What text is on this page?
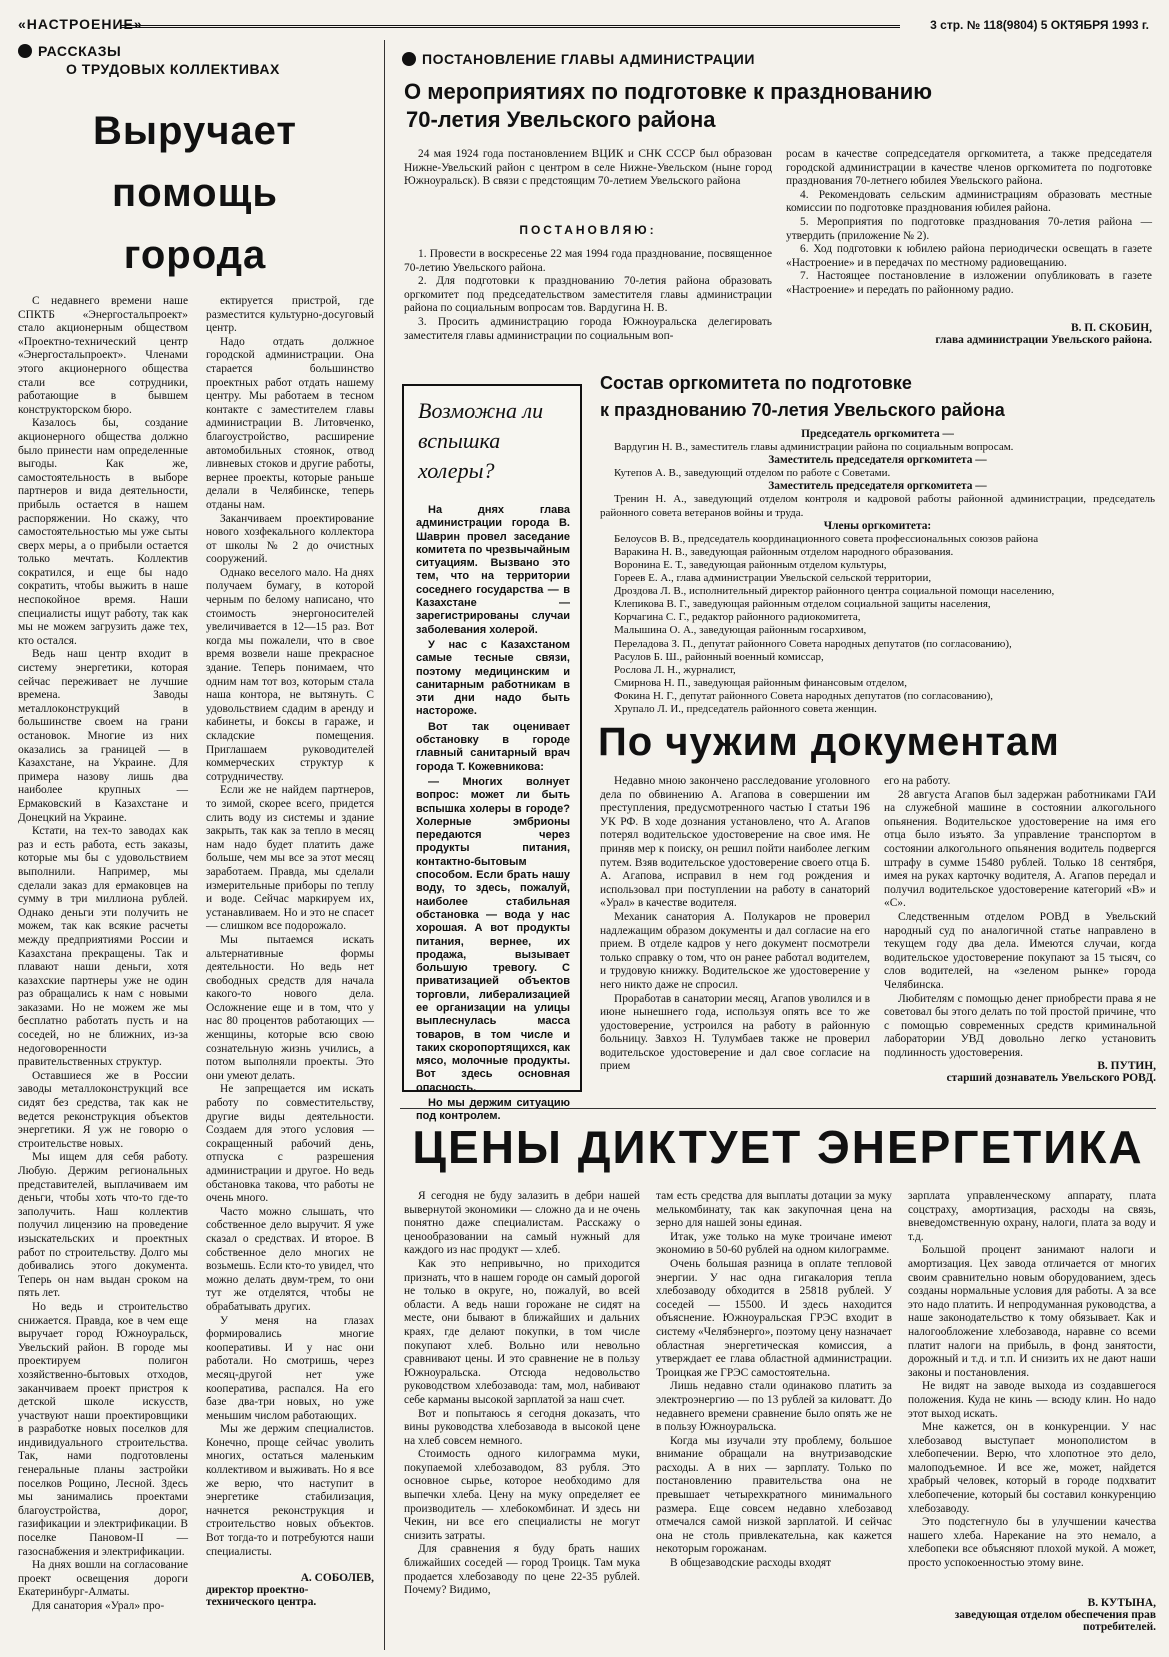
«НАСТРОЕНИЕ»	3 стр. № 118(9804) 5 ОКТЯБРЯ 1993 г.
РАССКАЗЫ
О ТРУДОВЫХ КОЛЛЕКТИВАХ
Выручает
помощь
города

С недавнего времени наше СПКТБ «Энергостальпроект» стало акционерным обществом «Проектно-технический центр «Энергостальпроект». Членами этого акционерного общества стали все сотрудники, работающие в бывшем конструкторском бюро.

Казалось бы, создание акционерного общества должно было принести нам определенные выгоды. Как же, самостоятельность в выборе партнеров и вида деятельности, прибыль остается в нашем распоряжении. Но скажу, что самостоятельностью мы уже сыты сверх меры, а о прибыли остается только мечтать. Коллектив сократился, и еще бы надо сократить, чтобы выжить в наше неспокойное время. Наши специалисты ищут работу, так как мы не можем загрузить даже тех, кто остался.

Ведь наш центр входит в систему энергетики, которая сейчас переживает не лучшие времена. Заводы металлоконструкций в большинстве своем на грани остановок. Многие из них оказались за границей — в Казахстане, на Украине. Для примера назову лишь два наиболее крупных — Ермаковский в Казахстане и Донецкий на Украине.

Кстати, на тех-то заводах как раз и есть работа, есть заказы, которые мы бы с удовольствием выполнили. Например, мы сделали заказ для ермаковцев на сумму в три миллиона рублей. Однако деньги эти получить не можем, так как всякие расчеты между предприятиями России и Казахстана прекращены. Так и плавают наши деньги, хотя казахские партнеры уже не один раз обращались к нам с новыми заказами. Но не можем же мы бесплатно работать пусть и на соседей, но не ближних, из-за недоговоренности правительственных структур.

Оставшиеся же в России заводы металлоконструкций все сидят без средства, так как не ведется реконструкция объектов энергетики. Я уж не говорю о строительстве новых.

Мы ищем для себя работу. Любую. Держим региональных представителей, выплачиваем им деньги, чтобы хоть что-то где-то заполучить. Наш коллектив получил лицензию на проведение изыскательских и проектных работ по строительству. Долго мы добивались этого документа. Теперь он нам выдан сроком на пять лет.

Но ведь и строительство снижается. Правда, кое в чем еще выручает город Южноуральск, Увельский район. В городе мы проектируем полигон хозяйственно-бытовых отходов, заканчиваем проект пристроя к детской школе искусств, участвуют наши проектировщики в разработке новых поселков для индивидуального строительства. Так, нами подготовлены генеральные планы застройки поселков Рощино, Лесной. Здесь мы занимались проектами благоустройства, дорог, газификации и электрификации. В поселке Пановом-II — газоснабжения и электрификации.

На днях вошли на согласование проект освещения дороги Екатеринбург-Алматы.

Для санатория «Урал» про-

ектируется пристрой, где разместится культурно-досуговый центр.

Надо отдать должное городской администрации. Она старается большинство проектных работ отдать нашему центру. Мы работаем в тесном контакте с заместителем главы администрации В. Литовченко, благоустройство, расширение автомобильных стоянок, отвод ливневых стоков и другие работы, вернее проекты, которые раньше делали в Челябинске, теперь отданы нам.

Заканчиваем проектирование нового хозфекального коллектора от школы № 2 до очистных сооружений.

Однако веселого мало. На днях получаем бумагу, в которой черным по белому написано, что стоимость энергоносителей увеличивается в 12—15 раз. Вот когда мы пожалели, что в свое время возвели наше прекрасное здание. Теперь понимаем, что одним нам тот воз, которым стала наша контора, не вытянуть. С удовольствием сдадим в аренду и кабинеты, и боксы в гараже, и складские помещения. Приглашаем руководителей коммерческих структур к сотрудничеству.

Если же не найдем партнеров, то зимой, скорее всего, придется слить воду из системы и здание закрыть, так как за тепло в месяц нам надо будет платить даже больше, чем мы все за этот месяц заработаем. Правда, мы сделали измерительные приборы по теплу и воде. Сейчас маркируем их, устанавливаем. Но и это не спасет — слишком все подорожало.

Мы пытаемся искать альтернативные формы деятельности. Но ведь нет свободных средств для начала какого-то нового дела. Осложнение еще и в том, что у нас 80 процентов работающих — женщины, которые всю свою сознательную жизнь учились, а потом выполняли проекты. Это они умеют делать.

Не запрещается им искать работу по совместительству, другие виды деятельности. Создаем для этого условия — сокращенный рабочий день, отпуска с разрешения администрации и другое. Но ведь обстановка такова, что работы не очень много.

Часто можно слышать, что собственное дело выручит. Я уже сказал о средствах. И второе. В собственное дело многих не возьмешь. Если кто-то увидел, что можно делать двум-трем, то они тут же отделятся, чтобы не обрабатывать других.

У меня на глазах формировались многие кооперативы. И у нас они работали. Но смотришь, через месяц-другой нет уже кооператива, распался. На его базе два-три новых, но уже меньшим числом работающих.

Мы же держим специалистов. Конечно, проще сейчас уволить многих, остаться маленьким коллективом и выживать. Но я все же верю, что наступит в энергетике стабилизация, начнется реконструкция и строительство новых объектов. Вот тогда-то и потребуются наши специалисты.

А. СОБОЛЕВ,
директор проектно-технического центра.
ПОСТАНОВЛЕНИЕ ГЛАВЫ АДМИНИСТРАЦИИ
О мероприятиях по подготовке к празднованию
70-летия Увельского района

24 мая 1924 года постановлением ВЦИК и СНК СССР был образован Нижне-Увельский район с центром в селе Нижне-Увельском (ныне город Южноуральск). В связи с предстоящим 70-летием Увельского района

ПОСТАНОВЛЯЮ:

1. Провести в воскресенье 22 мая 1994 года празднование, посвященное 70-летию Увельского района.

2. Для подготовки к празднованию 70-летия района образовать оргкомитет под председательством заместителя главы администрации района по социальным вопросам тов. Вардугина Н. В.

3. Просить администрацию города Южноуральска делегировать заместителя главы администрации по социальным воп-

росам в качестве сопредседателя оргкомитета, а также председателя городской администрации в качестве членов оргкомитета по подготовке празднования 70-летнего юбилея Увельского района.

4. Рекомендовать сельским администрациям образовать местные комиссии по подготовке празднования юбилея района.

5. Мероприятия по подготовке празднования 70-летия района — утвердить (приложение № 2).

6. Ход подготовки к юбилею района периодически освещать в газете «Настроение» и в передачах по местному радиовещанию.

7. Настоящее постановление в изложении опубликовать в газете «Настроение» и передать по районному радио.

В. П. СКОБИН,
глава администрации Увельского района.
Возможна ли
вспышка
холеры?

На днях глава администрации города В. Шаврин провел заседание комитета по чрезвычайным ситуациям. Вызвано это тем, что на территории соседнего государства — в Казахстане — зарегистрированы случаи заболевания холерой.

У нас с Казахстаном самые тесные связи, поэтому медицинским и санитарным работникам в эти дни надо быть настороже.

Вот так оценивает обстановку в городе главный санитарный врач города Т. Кожевникова:

— Многих волнует вопрос: может ли быть вспышка холеры в городе? Холерные эмбрионы передаются через продукты питания, контактно-бытовым способом. Если брать нашу воду, то здесь, пожалуй, наиболее стабильная обстановка — вода у нас хорошая. А вот продукты питания, вернее, их продажа, вызывает большую тревогу. С приватизацией объектов торговли, либерализацией ее организации на улицы выплеснулась масса товаров, в том числе и таких скоропортящихся, как мясо, молочные продукты. Вот здесь основная опасность.

Но мы держим ситуацию под контролем.

Состав оргкомитета по подготовке
к празднованию 70-летия Увельского района
Председатель оргкомитета —

Вардугин Н. В., заместитель главы администрации района по социальным вопросам.

Заместитель председателя оргкомитета —

Кутепов А. В., заведующий отделом по работе с Советами.

Заместитель председателя оргкомитета —

Тренин Н. А., заведующий отделом контроля и кадровой работы районной администрации, председатель районного совета ветеранов войны и труда.

Члены оргкомитета:

Белоусов В. В., председатель координационного совета профессиональных союзов района

Варакина Н. В., заведующая районным отделом народного образования.

Воронина Е. Т., заведующая районным отделом культуры,

Гореев Е. А., глава администрации Увельской сельской территории,

Дроздова Л. В., исполнительный директор районного центра социальной помощи населению,

Клепикова В. Г., заведующая районным отделом социальной защиты населения,

Корчагина С. Г., редактор районного радиокомитета,

Малышина О. А., заведующая районным госархивом,

Переладова З. П., депутат районного Совета народных депутатов (по согласованию),

Расулов Б. Ш., районный военный комиссар,

Рослова Л. Н., журналист,

Смирнова Н. П., заведующая районным финансовым отделом,

Фокина Н. Г., депутат районного Совета народных депутатов (по согласованию),

Хрупало Л. И., председатель районного совета женщин.

По чужим документам

Недавно мною закончено расследование уголовного дела по обвинению А. Агапова в совершении им преступления, предусмотренного частью I статьи 196 УК РФ. В ходе дознания установлено, что А. Агапов потерял водительское удостоверение на свое имя. Не приняв мер к поиску, он решил пойти наиболее легким путем. Взяв водительское удостоверение своего отца Б. А. Агапова, исправил в нем год рождения и использовал при поступлении на работу в санаторий «Урал» в качестве водителя.

Механик санатория А. Полукаров не проверил надлежащим образом документы и дал согласие на его прием. В отделе кадров у него документ посмотрели только справку о том, что он ранее работал водителем, и трудовую книжку. Водительское же удостоверение у него никто даже не спросил.

Проработав в санатории месяц, Агапов уволился и в июне нынешнего года, используя опять все то же удостоверение, устроился на работу в районную больницу. Завхоз Н. Тулумбаев также не проверил водительское удостоверение и дал свое согласие на прием

его на работу.

28 августа Агапов был задержан работниками ГАИ на служебной машине в состоянии алкогольного опьянения. Водительское удостоверение на имя его отца было изъято. За управление транспортом в состоянии алкогольного опьянения водитель подвергся штрафу в сумме 15480 рублей. Только 18 сентября, имея на руках карточку водителя, А. Агапов передал и получил водительское удостоверение категорий «В» и «С».

Следственным отделом РОВД в Увельский народный суд по аналогичной статье направлено в текущем году два дела. Имеются случаи, когда водительское удостоверение покупают за 15 тысяч, со слов водителей, на «зеленом рынке» города Челябинска.

Любителям с помощью денег приобрести права я не советовал бы этого делать по той простой причине, что с помощью современных средств криминальной лаборатории УВД довольно легко установить подлинность удостоверения.

В. ПУТИН,
старший дознаватель Увельского РОВД.
ЦЕНЫ ДИКТУЕТ ЭНЕРГЕТИКА

Я сегодня не буду залазить в дебри нашей вывернутой экономики — сложно да и не очень понятно даже специалистам. Расскажу о ценообразовании на самый нужный для каждого из нас продукт — хлеб.

Как это непривычно, но приходится признать, что в нашем городе он самый дорогой не только в округе, но, пожалуй, во всей области. А ведь наши горожане не сидят на месте, они бывают в ближайших и дальних краях, где делают покупки, в том числе покупают хлеб. Вольно или невольно сравнивают цены. И это сравнение не в пользу Южноуральска. Отсюда недовольство руководством хлебозавода: там, мол, набивают себе карманы высокой зарплатой за наш счет.

Вот и попытаюсь я сегодня доказать, что вины руководства хлебозавода в высокой цене на хлеб совсем немного.

Стоимость одного килограмма муки, покупаемой хлебозаводом, 83 рубля. Это основное сырье, которое необходимо для выпечки хлеба. Цену на муку определяет ее производитель — хлебокомбинат. И здесь ни Чекин, ни все его специалисты не могут снизить затраты.

Для сравнения я буду брать наших ближайших соседей — город Троицк. Там мука продается хлебозаводу по цене 22-35 рублей. Почему? Видимо,

там есть средства для выплаты дотации за муку мелькомбинату, так как закупочная цена на зерно для нашей зоны единая.

Итак, уже только на муке троичане имеют экономию в 50-60 рублей на одном килограмме.

Очень большая разница в оплате тепловой энергии. У нас одна гигакалория тепла хлебозаводу обходится в 25818 рублей. У соседей — 15500. И здесь находится объяснение. Южноуральская ГРЭС входит в систему «Челябэнерго», поэтому цену назначает областная энергетическая комиссия, а утверждает ее глава областной администрации. Троицкая же ГРЭС самостоятельна.

Лишь недавно стали одинаково платить за электроэнергию — по 13 рублей за киловатт. До недавнего времени сравнение было опять же не в пользу Южноуральска.

Когда мы изучали эту проблему, большое внимание обращали на внутризаводские расходы. А в них — зарплату. Только по постановлению правительства она не превышает четырехкратного минимального размера. Еще совсем недавно хлебозавод отмечался самой низкой зарплатой. И сейчас она не столь привлекательна, как кажется некоторым горожанам.

В общезаводские расходы входят

зарплата управленческому аппарату, плата соцстраху, амортизация, расходы на связь, вневедомственную охрану, налоги, плата за воду и т.д.

Большой процент занимают налоги и амортизация. Цех завода отличается от многих своим сравнительно новым оборудованием, здесь созданы нормальные условия для работы. А за все это надо платить. И непродуманная руководства, а наше законодательство к тому обязывает. Как и налогообложение хлебозавода, наравне со всеми платит налоги на прибыль, в фонд занятости, дорожный и т.д. и т.п. И снизить их не дают наши законы и постановления.

Не видят на заводе выхода из создавшегося положения. Куда не кинь — всюду клин. Но надо этот выход искать.

Мне кажется, он в конкуренции. У нас хлебозавод выступает монополистом в хлебопечении. Верю, что хлопотное это дело, малоподъемное. И все же, может, найдется храбрый человек, который в городе подхватит хлебопечение, который бы составил конкуренцию хлебозаводу.

Это подстегнуло бы в улучшении качества нашего хлеба. Нарекание на это немало, а хлебопеки все объясняют плохой мукой. А может, просто успокоенностью этому вине.

В. КУТЫНА,
заведующая отделом обеспечения прав потребителей.
